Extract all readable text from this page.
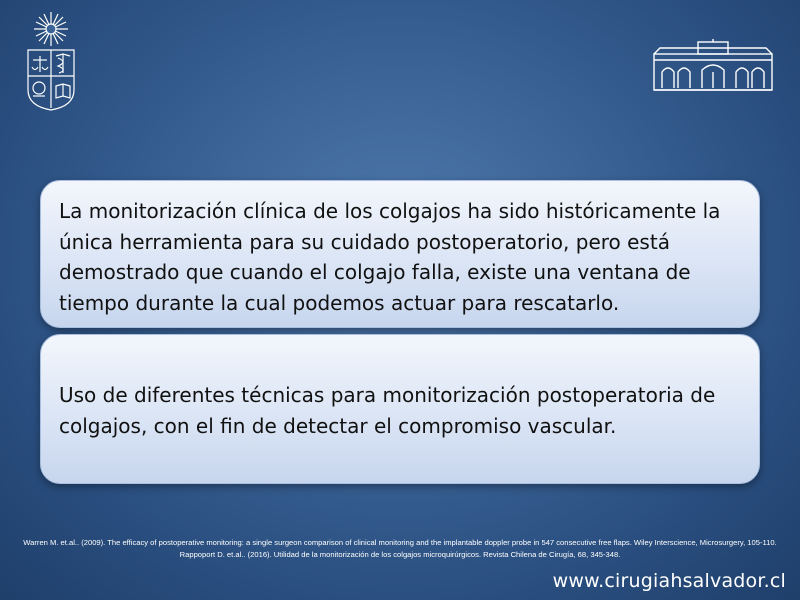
La monitorización clínica de los colgajos ha sido históricamente la única herramienta para su cuidado postoperatorio, pero está demostrado que cuando el colgajo falla, existe una ventana de tiempo durante la cual podemos actuar para rescatarlo.
Uso de diferentes técnicas para monitorización postoperatoria de colgajos, con el fin de detectar el compromiso vascular.
Warren M. et.al.. (2009). The efficacy of postoperative monitoring: a single surgeon comparison of clinical monitoring and the implantable doppler probe in 547 consecutive free flaps. Wiley Interscience, Microsurgery, 105-110.
Rappoport D. et.al.. (2016). Utilidad de la monitorización de los colgajos microquirúrgicos. Revista Chilena de Cirugía, 68, 345-348.
www.cirugiahsalvador.cl
